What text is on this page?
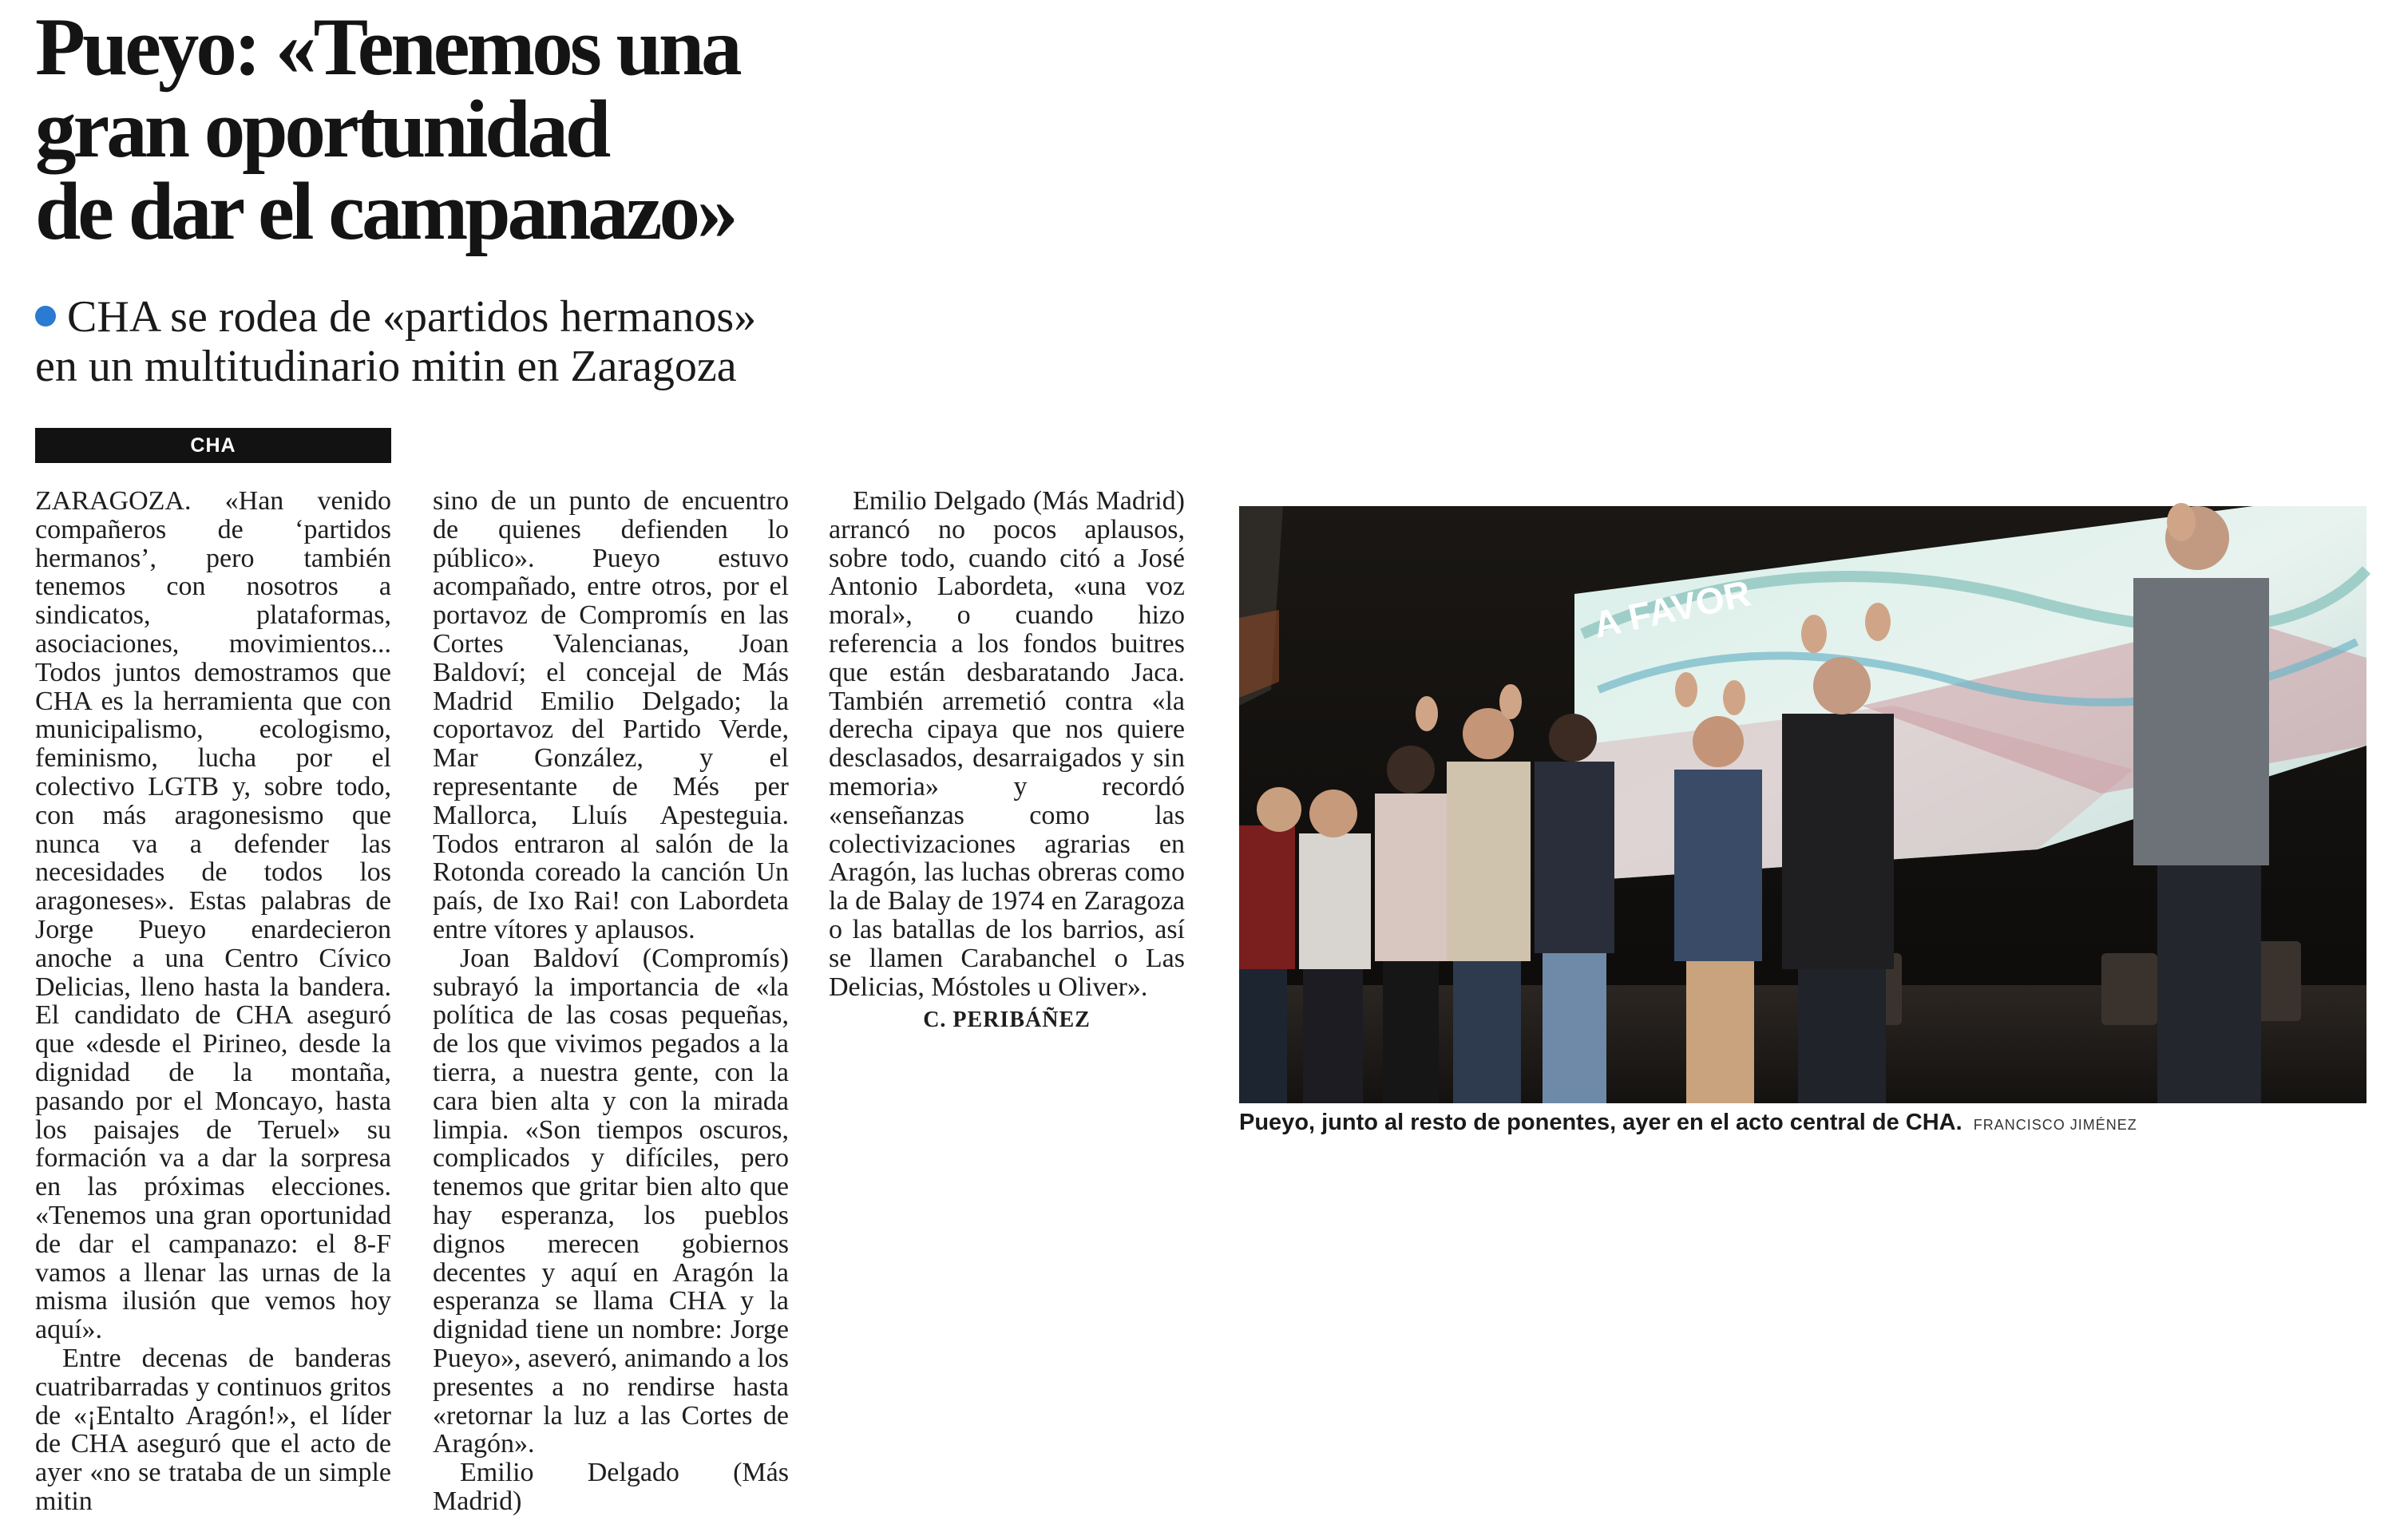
Pueyo: «Tenemos una
gran oportunidad
de dar el campanazo»
CHA se rodea de «partidos hermanos»
en un multitudinario mitin en Zaragoza
CHA

ZARAGOZA. «Han venido compañeros de ‘partidos hermanos’, pero también tenemos con nosotros a sindicatos, plataformas, asociaciones, movimientos... Todos juntos demostramos que CHA es la herramienta que con municipalismo, ecologismo, feminismo, lucha por el colectivo LGTB y, sobre todo, con más aragonesismo que nunca va a defender las necesidades de todos los aragoneses». Estas palabras de Jorge Pueyo enardecieron anoche a una Centro Cívico Delicias, lleno hasta la bandera. El candidato de CHA aseguró que «desde el Pirineo, desde la dignidad de la montaña, pasando por el Moncayo, hasta los paisajes de Teruel» su formación va a dar la sorpresa en las próximas elecciones. «Tenemos una gran oportunidad de dar el campanazo: el 8-F vamos a llenar las urnas de la misma ilusión que vemos hoy aquí».

Entre decenas de banderas cuatribarradas y continuos gritos de «¡Entalto Aragón!», el líder de CHA aseguró que el acto de ayer «no se trataba de un simple mitin

sino de un punto de encuentro de quienes defienden lo público». Pueyo estuvo acompañado, entre otros, por el portavoz de Compromís en las Cortes Valencianas, Joan Baldoví; el concejal de Más Madrid Emilio Delgado; la coportavoz del Partido Verde, Mar González, y el representante de Més per Mallorca, Lluís Apesteguia. Todos entraron al salón de la Rotonda coreado la canción Un país, de Ixo Rai! con Labordeta entre vítores y aplausos.

Joan Baldoví (Compromís) subrayó la importancia de «la política de las cosas pequeñas, de los que vivimos pegados a la tierra, a nuestra gente, con la cara bien alta y con la mirada limpia. «Son tiempos oscuros, complicados y difíciles, pero tenemos que gritar bien alto que hay esperanza, los pueblos dignos merecen gobiernos decentes y aquí en Aragón la esperanza se llama CHA y la dignidad tiene un nombre: Jorge Pueyo», aseveró, animando a los presentes a no rendirse hasta «retornar la luz a las Cortes de Aragón».

Emilio Delgado (Más Madrid)

Emilio Delgado (Más Madrid) arrancó no pocos aplausos, sobre todo, cuando citó a José Antonio Labordeta, «una voz moral», o cuando hizo referencia a los fondos buitres que están desbaratando Jaca. También arremetió contra «la derecha cipaya que nos quiere desclasados, desarraigados y sin memoria» y recordó «enseñanzas como las colectivizaciones agrarias en Aragón, las luchas obreras como la de Balay de 1974 en Zaragoza o las batallas de los barrios, así se llamen Carabanchel o Las Delicias, Móstoles u Oliver».

C. PERIBÁÑEZ
A FAVOR
Pueyo, junto al resto de ponentes, ayer en el acto central de CHA. FRANCISCO JIMÉNEZ
